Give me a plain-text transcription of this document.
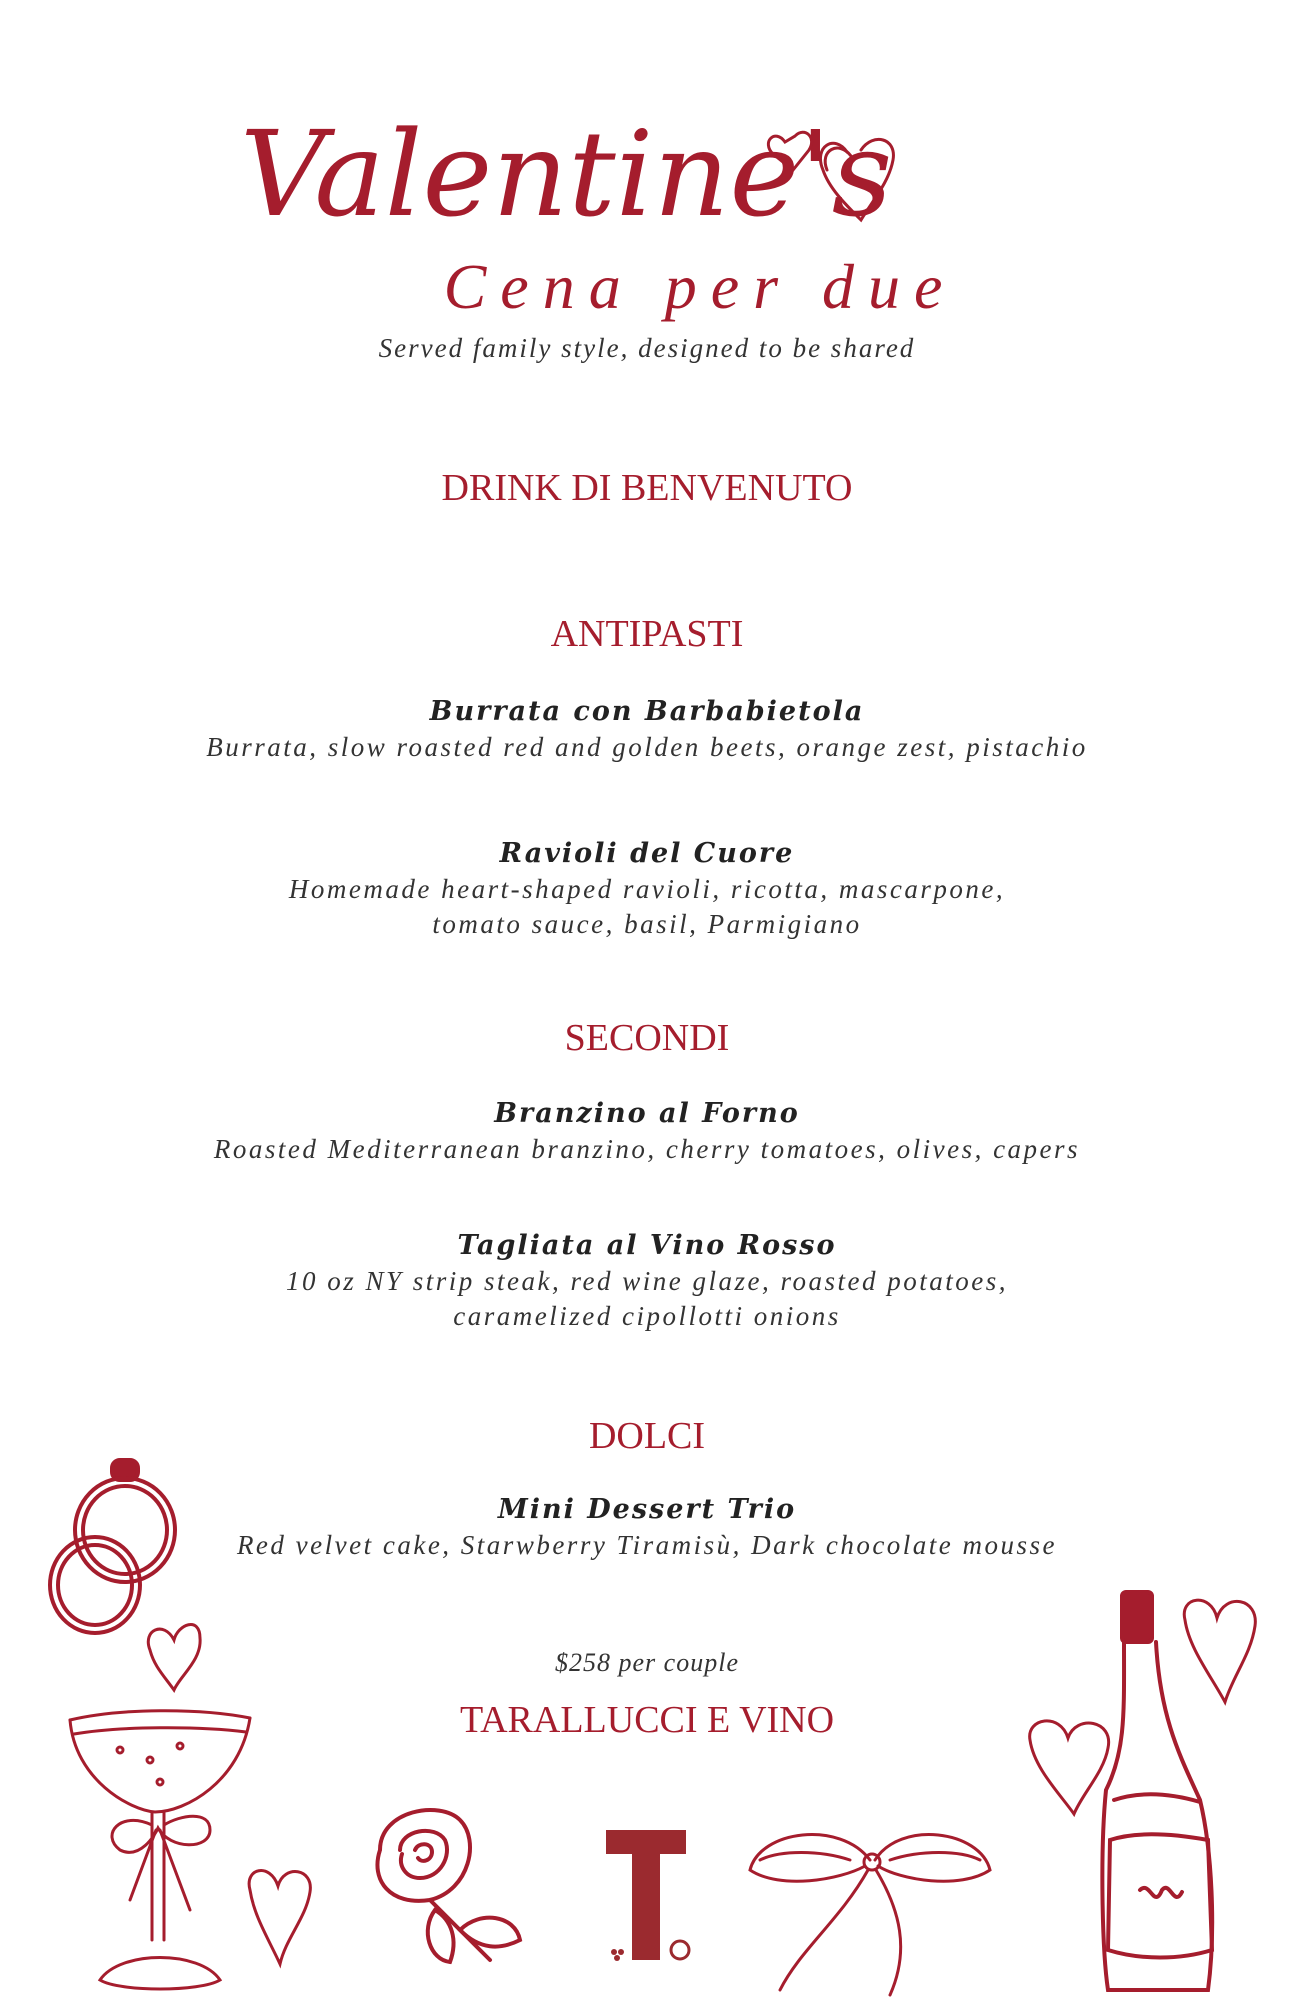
Valentine's
Cena per due
Served family style, designed to be shared
DRINK DI BENVENUTO
ANTIPASTI
Burrata con Barbabietola
Burrata, slow roasted red and golden beets, orange zest, pistachio
Ravioli del Cuore
Homemade heart-shaped ravioli, ricotta, mascarpone,
tomato sauce, basil, Parmigiano
SECONDI
Branzino al Forno
Roasted Mediterranean branzino, cherry tomatoes, olives, capers
Tagliata al Vino Rosso
10 oz NY strip steak, red wine glaze, roasted potatoes,
caramelized cipollotti onions
DOLCI
Mini Dessert Trio
Red velvet cake, Starwberry Tiramisù, Dark chocolate mousse
$258 per couple
TARALLUCCI E VINO
